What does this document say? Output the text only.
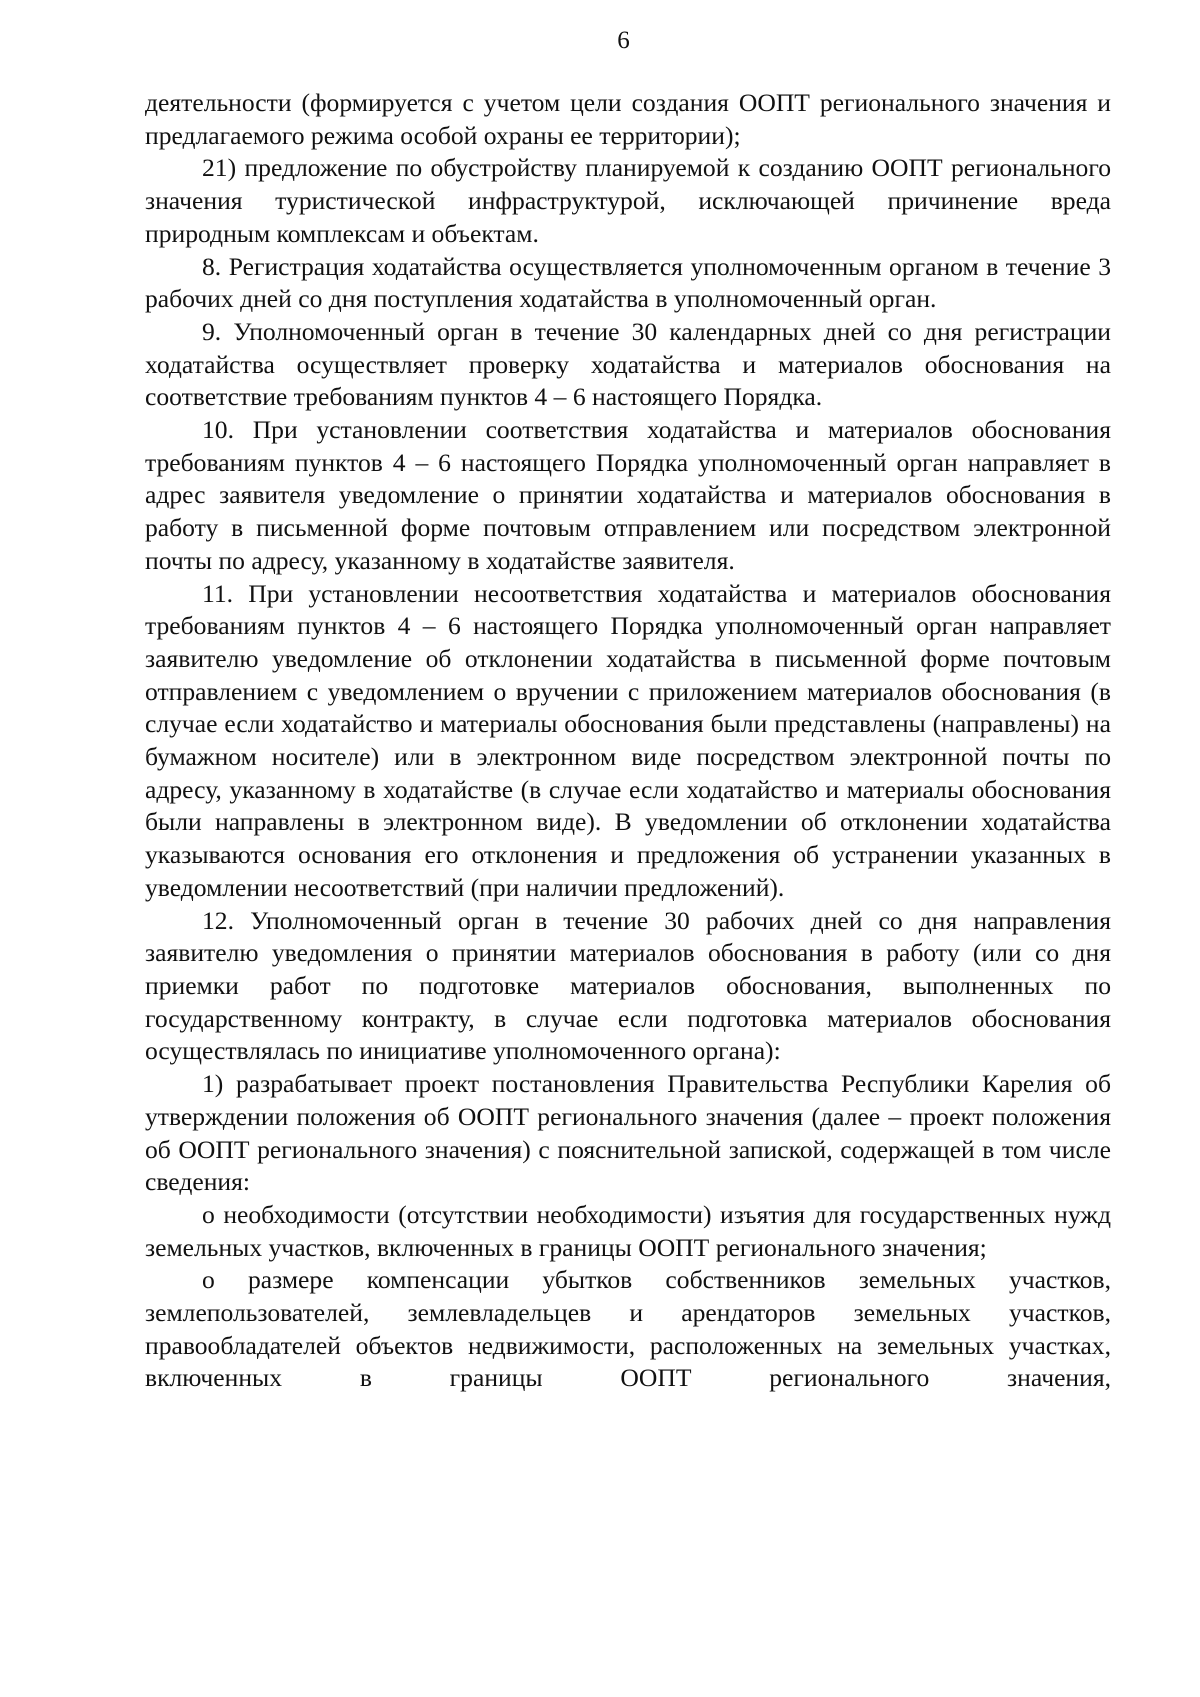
6

деятельности (формируется с учетом цели создания ООПТ регионального значения и предлагаемого режима особой охраны ее территории);

21) предложение по обустройству планируемой к созданию ООПТ регионального значения туристической инфраструктурой, исключающей причинение вреда природным комплексам и объектам.

8. Регистрация ходатайства осуществляется уполномоченным органом в течение 3 рабочих дней со дня поступления ходатайства в уполномоченный орган.

9. Уполномоченный орган в течение 30 календарных дней со дня регистрации ходатайства осуществляет проверку ходатайства и материалов обоснования на соответствие требованиям пунктов 4 – 6 настоящего Порядка.

10. При установлении соответствия ходатайства и материалов обоснования требованиям пунктов 4 – 6 настоящего Порядка уполномоченный орган направляет в адрес заявителя уведомление о принятии ходатайства и материалов обоснования в работу в письменной форме почтовым отправлением или посредством электронной почты по адресу, указанному в ходатайстве заявителя.

11. При установлении несоответствия ходатайства и материалов обоснования требованиям пунктов 4 – 6 настоящего Порядка уполномоченный орган направляет заявителю уведомление об отклонении ходатайства в письменной форме почтовым отправлением с уведомлением о вручении с приложением материалов обоснования (в случае если ходатайство и материалы обоснования были представлены (направлены) на бумажном носителе) или в электронном виде посредством электронной почты по адресу, указанному в ходатайстве (в случае если ходатайство и материалы обоснования были направлены в электронном виде). В уведомлении об отклонении ходатайства указываются основания его отклонения и предложения об устранении указанных в уведомлении несоответствий (при наличии предложений).

12. Уполномоченный орган в течение 30 рабочих дней со дня направления заявителю уведомления о принятии материалов обоснования в работу (или со дня приемки работ по подготовке материалов обоснования, выполненных по государственному контракту, в случае если подготовка материалов обоснования осуществлялась по инициативе уполномоченного органа):

1) разрабатывает проект постановления Правительства Республики Карелия об утверждении положения об ООПТ регионального значения (далее – проект положения об ООПТ регионального значения) с пояснительной запиской, содержащей в том числе сведения:

о необходимости (отсутствии необходимости) изъятия для государственных нужд земельных участков, включенных в границы ООПТ регионального значения;

о размере компенсации убытков собственников земельных участков, землепользователей, землевладельцев и арендаторов земельных участков, правообладателей объектов недвижимости, расположенных на земельных участках, включенных в границы ООПТ регионального значения,
